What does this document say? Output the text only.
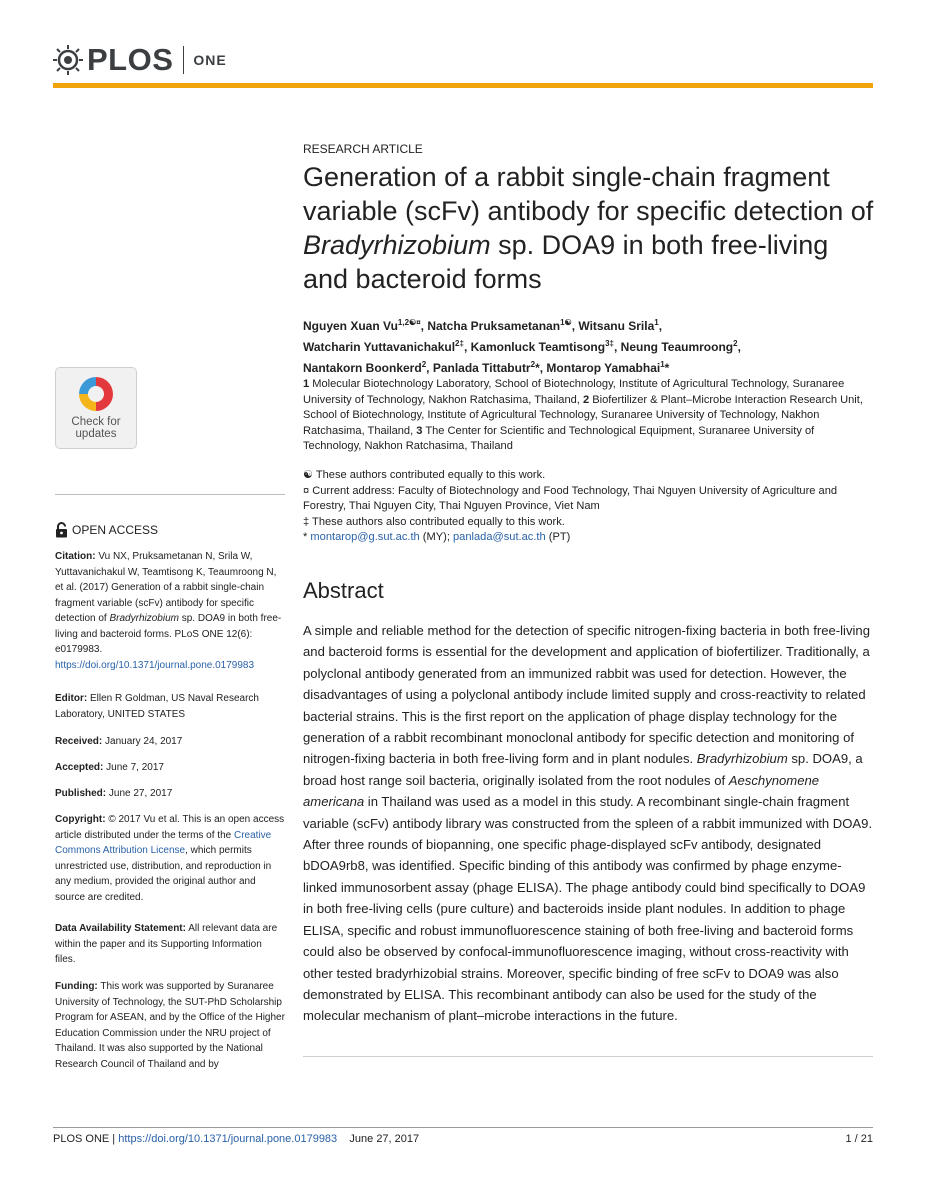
PLOS ONE
RESEARCH ARTICLE
Generation of a rabbit single-chain fragment variable (scFv) antibody for specific detection of Bradyrhizobium sp. DOA9 in both free-living and bacteroid forms
Nguyen Xuan $Vu^{1,2☯¤}$, Natcha Pruksametanan$^{1☯}$, Witsanu Srila$^1$,
Watcharin Yuttavanichakul$^{2\ddagger}$, Kamonluck Teamtisong$^{3\ddagger}$, Neung Teaumroong$^2$,
Nantakorn Boonkerd$^2$, Panlada Tittabutr$^2$*, Montarop Yamabhai$^1$*
1 Molecular Biotechnology Laboratory, School of Biotechnology, Institute of Agricultural Technology, Suranaree University of Technology, Nakhon Ratchasima, Thailand, 2 Biofertilizer & Plant–Microbe Interaction Research Unit, School of Biotechnology, Institute of Agricultural Technology, Suranaree University of Technology, Nakhon Ratchasima, Thailand, 3 The Center for Scientific and Technological Equipment, Suranaree University of Technology, Nakhon Ratchasima, Thailand
☯ These authors contributed equally to this work.
¤ Current address: Faculty of Biotechnology and Food Technology, Thai Nguyen University of Agriculture and Forestry, Thai Nguyen City, Thai Nguyen Province, Viet Nam
‡ These authors also contributed equally to this work.
* montarop@g.sut.ac.th (MY); panlada@sut.ac.th (PT)
Abstract
A simple and reliable method for the detection of specific nitrogen-fixing bacteria in both free-living and bacteroid forms is essential for the development and application of biofertilizer. Traditionally, a polyclonal antibody generated from an immunized rabbit was used for detection. However, the disadvantages of using a polyclonal antibody include limited supply and cross-reactivity to related bacterial strains. This is the first report on the application of phage display technology for the generation of a rabbit recombinant monoclonal antibody for specific detection and monitoring of nitrogen-fixing bacteria in both free-living form and in plant nodules. Bradyrhizobium sp. DOA9, a broad host range soil bacteria, originally isolated from the root nodules of Aeschynomene americana in Thailand was used as a model in this study. A recombinant single-chain fragment variable (scFv) antibody library was constructed from the spleen of a rabbit immunized with DOA9. After three rounds of biopanning, one specific phage-displayed scFv antibody, designated bDOA9rb8, was identified. Specific binding of this antibody was confirmed by phage enzyme-linked immunosorbent assay (phage ELISA). The phage antibody could bind specifically to DOA9 in both free-living cells (pure culture) and bacteroids inside plant nodules. In addition to phage ELISA, specific and robust immunofluorescence staining of both free-living and bacteroid forms could also be observed by confocal-immunofluorescence imaging, without cross-reactivity with other tested bradyrhizobial strains. Moreover, specific binding of free scFv to DOA9 was also demonstrated by ELISA. This recombinant antibody can also be used for the study of the molecular mechanism of plant–microbe interactions in the future.
Check for
updates
OPEN ACCESS
Citation: Vu NX, Pruksametanan N, Srila W, Yuttavanichakul W, Teamtisong K, Teaumroong N, et al. (2017) Generation of a rabbit single-chain fragment variable (scFv) antibody for specific detection of Bradyrhizobium sp. DOA9 in both free-living and bacteroid forms. PLoS ONE 12(6): e0179983. https://doi.org/10.1371/journal.pone.0179983
Editor: Ellen R Goldman, US Naval Research Laboratory, UNITED STATES
Received: January 24, 2017
Accepted: June 7, 2017
Published: June 27, 2017
Copyright: © 2017 Vu et al. This is an open access article distributed under the terms of the Creative Commons Attribution License, which permits unrestricted use, distribution, and reproduction in any medium, provided the original author and source are credited.
Data Availability Statement: All relevant data are within the paper and its Supporting Information files.
Funding: This work was supported by Suranaree University of Technology, the SUT-PhD Scholarship Program for ASEAN, and by the Office of the Higher Education Commission under the NRU project of Thailand. It was also supported by the National Research Council of Thailand and by
PLOS ONE | https://doi.org/10.1371/journal.pone.0179983 June 27, 2017	1 / 21
